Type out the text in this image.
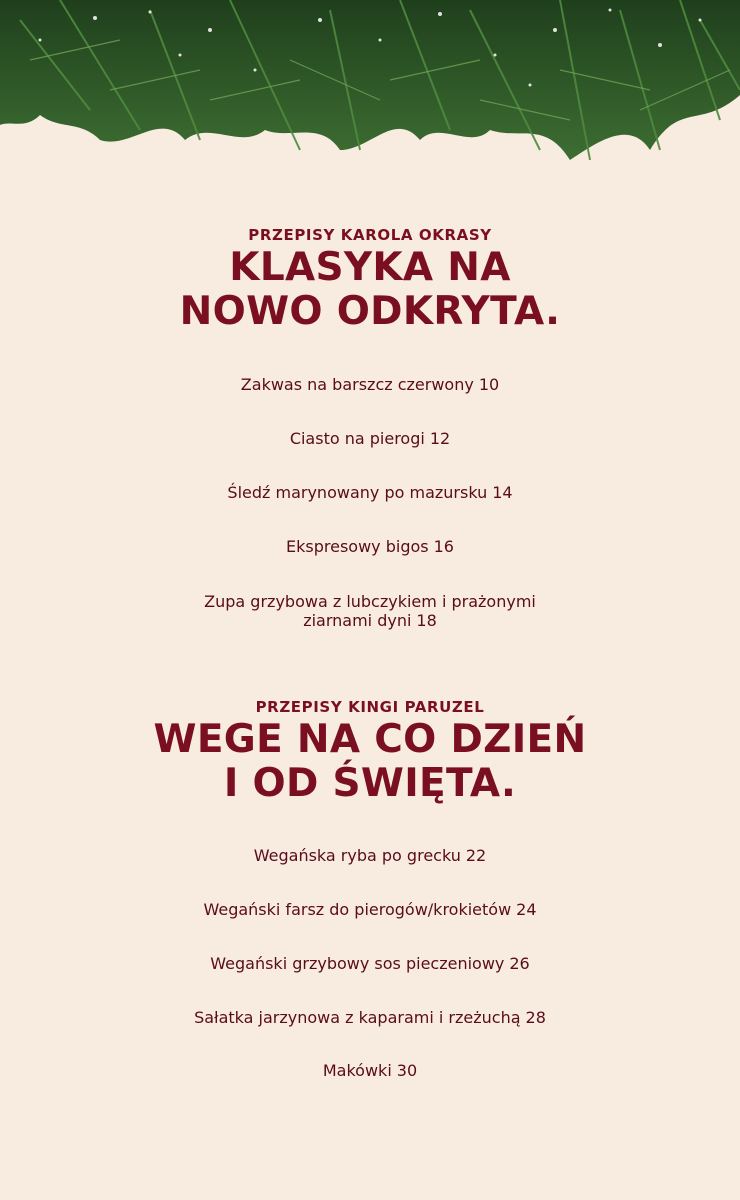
PRZEPISY KAROLA OKRASY

KLASYKA NA
NOWO ODKRYTA.
Zakwas na barszcz czerwony 10
Ciasto na pierogi 12
Śledź marynowany po mazursku 14
Ekspresowy bigos 16
Zupa grzybowa z lubczykiem i prażonymi
ziarnami dyni 18

PRZEPISY KINGI PARUZEL

WEGE NA CO DZIEŃ
I OD ŚWIĘTA.
Wegańska ryba po grecku 22
Wegański farsz do pierogów/krokietów 24
Wegański grzybowy sos pieczeniowy 26
Sałatka jarzynowa z kaparami i rzeżuchą 28
Makówki 30
